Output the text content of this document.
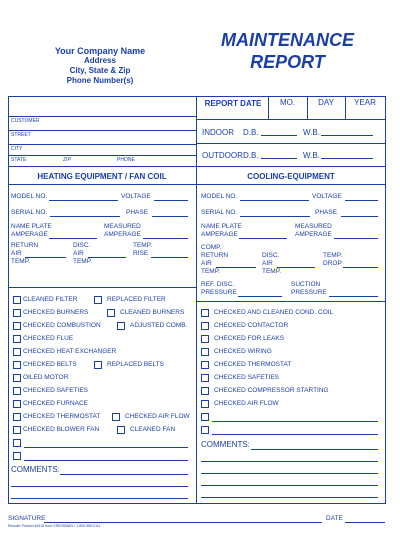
Your Company Name
Address
City, State & Zip
Phone Number(s)
MAINTENANCE
REPORT
REPORT DATE	MO.	DAY	YEAR
CUSTOMER
STREET
CITY
STATE	ZIP	PHONE
INDOOR D.B.	W.B.
OUTDOOR D.B.	W.B.
HEATING EQUIPMENT / FAN COIL	COOLING-EQUIPMENT
MODEL NO.	VOLTAGE
SERIAL NO.	PHASE
NAME PLATE
AMPERAGE
MEASURED
AMPERAGE
RETURN
AIR
TEMP.
DISC.
AIR
TEMP.
TEMP.
RISE
CLEANED FILTER
CHECKED BURNERS
CHECKED COMBUSTION
CHECKED FLUE
CHECKED HEAT EXCHANGER
CHECKED BELTS
OILED MOTOR
CHECKED SAFETIES
CHECKED FURNACE
CHECKED THERMOSTAT
CHECKED BLOWER FAN
REPLACED FILTER
CLEANED BURNERS
ADJUSTED COMB.
REPLACED BELTS
CHECKED AIR FLOW
CLEANED FAN
COMMENTS:
MODEL NO.	VOLTAGE
SERIAL NO.	PHASE
NAME PLATE
AMPERAGE
MEASURED
AMPERAGE
COMP.
RETURN
AIR
TEMP.
DISC.
AIR
TEMP.
TEMP.
DROP
REF. DISC.
PRESSURE
SUCTION
PRESSURE
CHECKED AND CLEANED COND. COIL
CHECKED CONTACTOR
CHECKED FOR LEAKS
CHECKED WIRING
CHECKED THERMOSTAT
CHECKED SAFETIES
CHECKED COMPRESSOR STARTING
CHECKED AIR FLOW
COMMENTS:
SIGNATURE	DATE
Reorder Product #0115 from CRESSMAN • 1-800-555-0111
